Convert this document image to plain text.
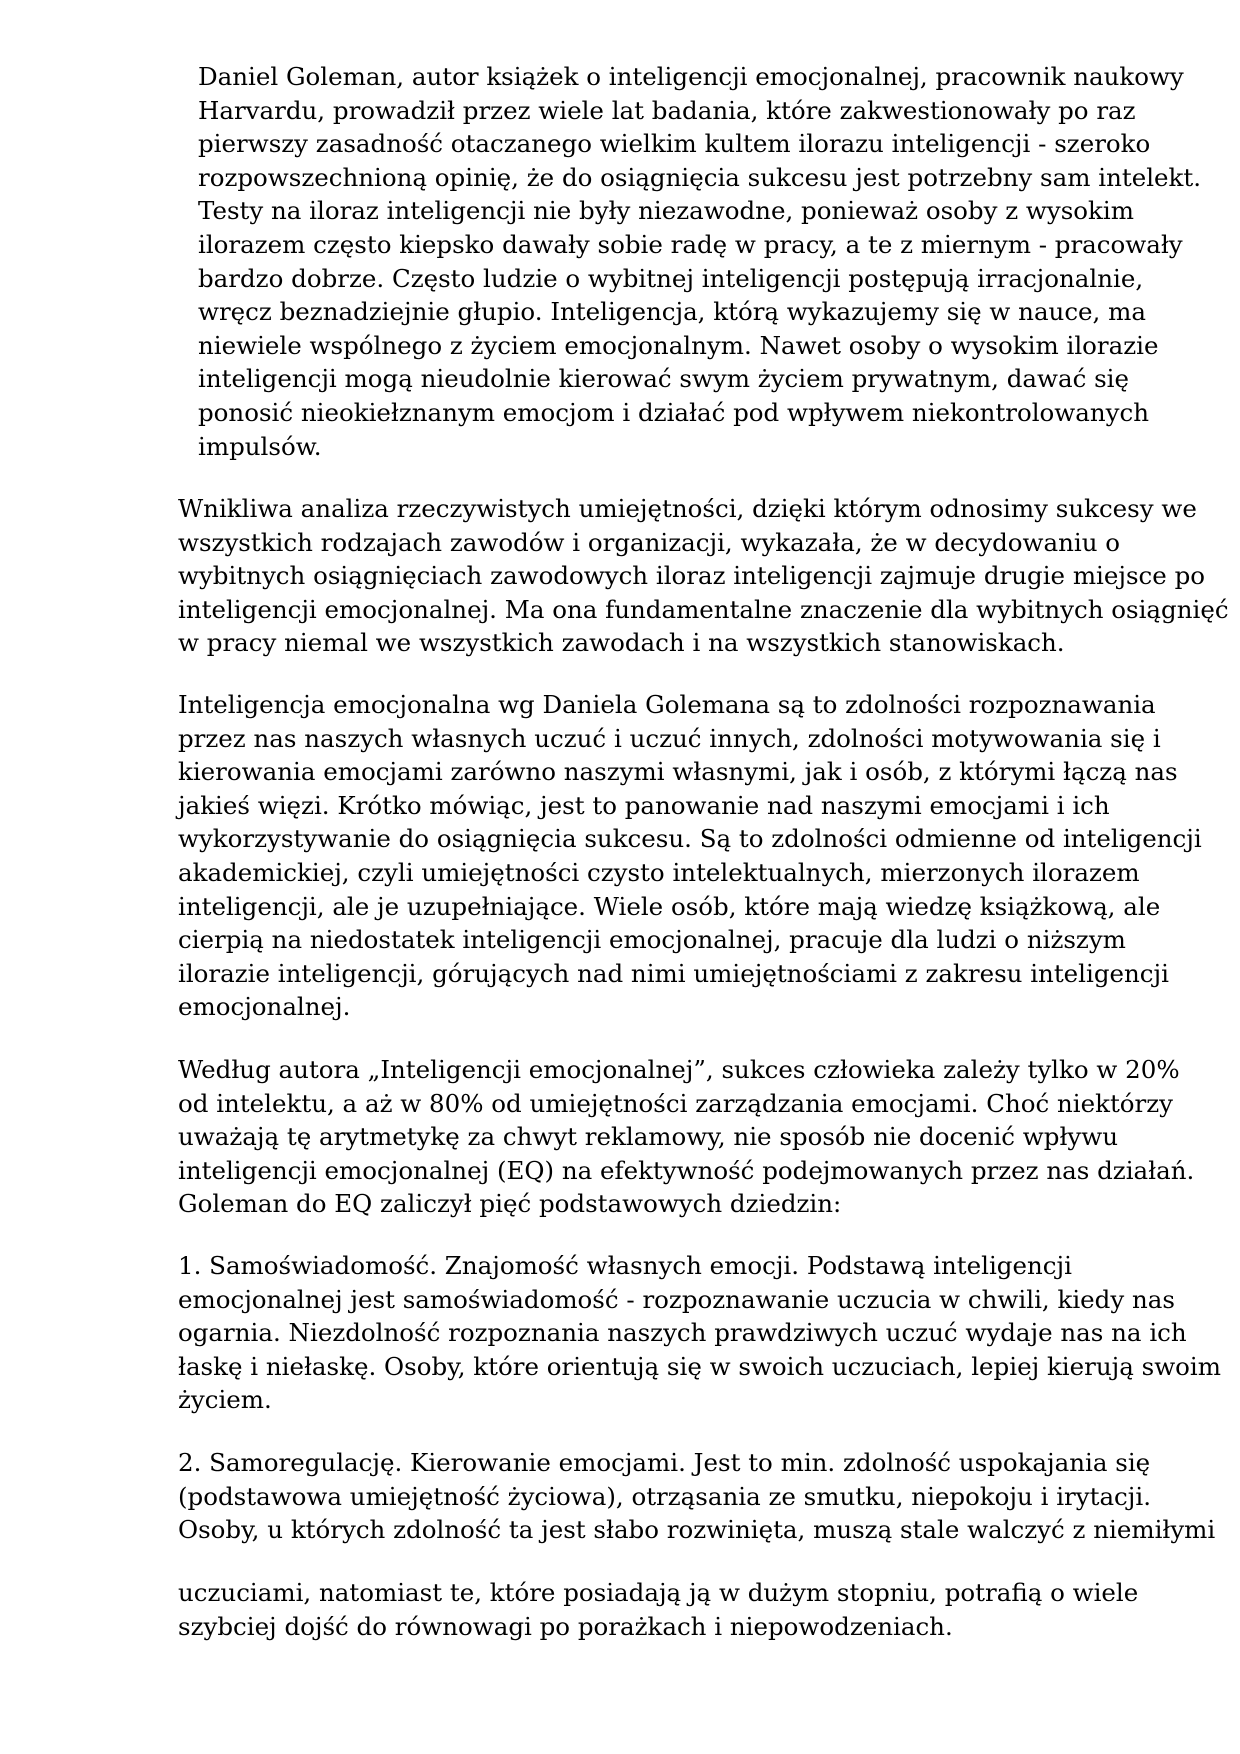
Daniel Goleman, autor książek o inteligencji emocjonalnej, pracownik naukowy
Harvardu, prowadził przez wiele lat badania, które zakwestionowały po raz
pierwszy zasadność otaczanego wielkim kultem ilorazu inteligencji - szeroko
rozpowszechnioną opinię, że do osiągnięcia sukcesu jest potrzebny sam intelekt.
Testy na iloraz inteligencji nie były niezawodne, ponieważ osoby z wysokim
ilorazem często kiepsko dawały sobie radę w pracy, a te z miernym - pracowały
bardzo dobrze. Często ludzie o wybitnej inteligencji postępują irracjonalnie,
wręcz beznadziejnie głupio. Inteligencja, którą wykazujemy się w nauce, ma
niewiele wspólnego z życiem emocjonalnym. Nawet osoby o wysokim ilorazie
inteligencji mogą nieudolnie kierować swym życiem prywatnym, dawać się
ponosić nieokiełznanym emocjom i działać pod wpływem niekontrolowanych
impulsów.

Wnikliwa analiza rzeczywistych umiejętności, dzięki którym odnosimy sukcesy we
wszystkich rodzajach zawodów i organizacji, wykazała, że w decydowaniu o
wybitnych osiągnięciach zawodowych iloraz inteligencji zajmuje drugie miejsce po
inteligencji emocjonalnej. Ma ona fundamentalne znaczenie dla wybitnych osiągnięć
w pracy niemal we wszystkich zawodach i na wszystkich stanowiskach.

Inteligencja emocjonalna wg Daniela Golemana są to zdolności rozpoznawania
przez nas naszych własnych uczuć i uczuć innych, zdolności motywowania się i
kierowania emocjami zarówno naszymi własnymi, jak i osób, z którymi łączą nas
jakieś więzi. Krótko mówiąc, jest to panowanie nad naszymi emocjami i ich
wykorzystywanie do osiągnięcia sukcesu. Są to zdolności odmienne od inteligencji
akademickiej, czyli umiejętności czysto intelektualnych, mierzonych ilorazem
inteligencji, ale je uzupełniające. Wiele osób, które mają wiedzę książkową, ale
cierpią na niedostatek inteligencji emocjonalnej, pracuje dla ludzi o niższym
ilorazie inteligencji, górujących nad nimi umiejętnościami z zakresu inteligencji
emocjonalnej.

Według autora „Inteligencji emocjonalnej”, sukces człowieka zależy tylko w 20%
od intelektu, a aż w 80% od umiejętności zarządzania emocjami. Choć niektórzy
uważają tę arytmetykę za chwyt reklamowy, nie sposób nie docenić wpływu
inteligencji emocjonalnej (EQ) na efektywność podejmowanych przez nas działań.
Goleman do EQ zaliczył pięć podstawowych dziedzin:

1. Samoświadomość. Znajomość własnych emocji. Podstawą inteligencji
emocjonalnej jest samoświadomość - rozpoznawanie uczucia w chwili, kiedy nas
ogarnia. Niezdolność rozpoznania naszych prawdziwych uczuć wydaje nas na ich
łaskę i niełaskę. Osoby, które orientują się w swoich uczuciach, lepiej kierują swoim
życiem.

2. Samoregulację. Kierowanie emocjami. Jest to min. zdolność uspokajania się
(podstawowa umiejętność życiowa), otrząsania ze smutku, niepokoju i irytacji.
Osoby, u których zdolność ta jest słabo rozwinięta, muszą stale walczyć z niemiłymi

uczuciami, natomiast te, które posiadają ją w dużym stopniu, potrafią o wiele
szybciej dojść do równowagi po porażkach i niepowodzeniach.
